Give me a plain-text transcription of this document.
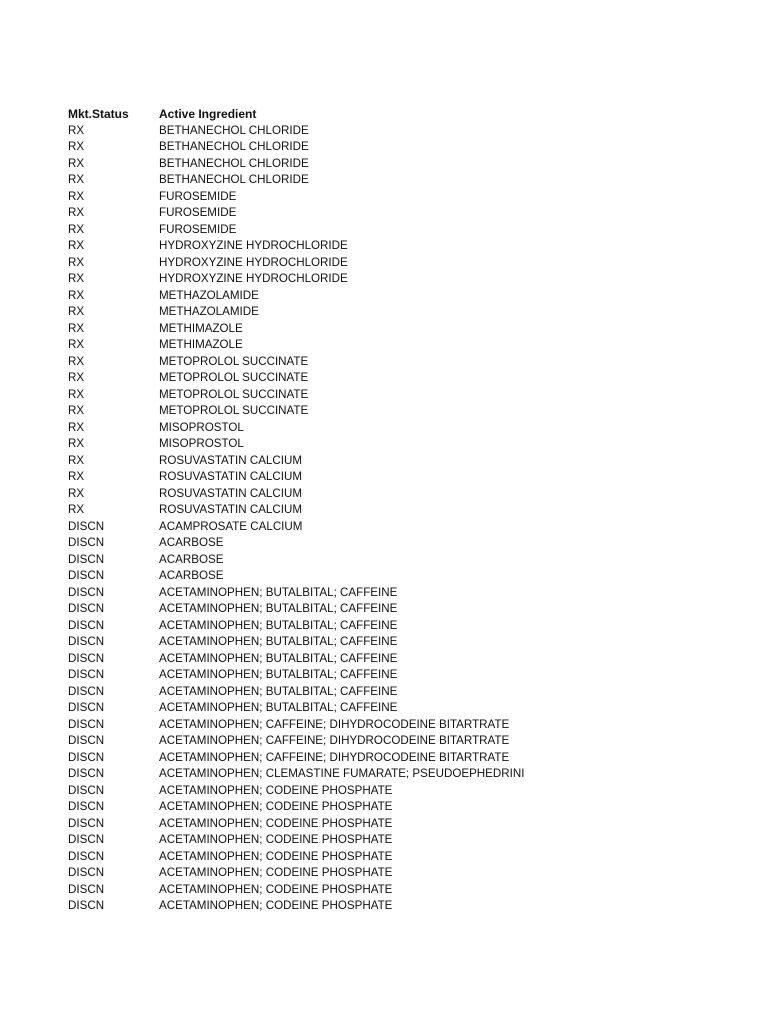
Mkt.Status	Active Ingredient
RX	BETHANECHOL CHLORIDE
RX	BETHANECHOL CHLORIDE
RX	BETHANECHOL CHLORIDE
RX	BETHANECHOL CHLORIDE
RX	FUROSEMIDE
RX	FUROSEMIDE
RX	FUROSEMIDE
RX	HYDROXYZINE HYDROCHLORIDE
RX	HYDROXYZINE HYDROCHLORIDE
RX	HYDROXYZINE HYDROCHLORIDE
RX	METHAZOLAMIDE
RX	METHAZOLAMIDE
RX	METHIMAZOLE
RX	METHIMAZOLE
RX	METOPROLOL SUCCINATE
RX	METOPROLOL SUCCINATE
RX	METOPROLOL SUCCINATE
RX	METOPROLOL SUCCINATE
RX	MISOPROSTOL
RX	MISOPROSTOL
RX	ROSUVASTATIN CALCIUM
RX	ROSUVASTATIN CALCIUM
RX	ROSUVASTATIN CALCIUM
RX	ROSUVASTATIN CALCIUM
DISCN	ACAMPROSATE CALCIUM
DISCN	ACARBOSE
DISCN	ACARBOSE
DISCN	ACARBOSE
DISCN	ACETAMINOPHEN; BUTALBITAL; CAFFEINE
DISCN	ACETAMINOPHEN; BUTALBITAL; CAFFEINE
DISCN	ACETAMINOPHEN; BUTALBITAL; CAFFEINE
DISCN	ACETAMINOPHEN; BUTALBITAL; CAFFEINE
DISCN	ACETAMINOPHEN; BUTALBITAL; CAFFEINE
DISCN	ACETAMINOPHEN; BUTALBITAL; CAFFEINE
DISCN	ACETAMINOPHEN; BUTALBITAL; CAFFEINE
DISCN	ACETAMINOPHEN; BUTALBITAL; CAFFEINE
DISCN	ACETAMINOPHEN; CAFFEINE; DIHYDROCODEINE BITARTRATE
DISCN	ACETAMINOPHEN; CAFFEINE; DIHYDROCODEINE BITARTRATE
DISCN	ACETAMINOPHEN; CAFFEINE; DIHYDROCODEINE BITARTRATE
DISCN	ACETAMINOPHEN; CLEMASTINE FUMARATE; PSEUDOEPHEDRINI
DISCN	ACETAMINOPHEN; CODEINE PHOSPHATE
DISCN	ACETAMINOPHEN; CODEINE PHOSPHATE
DISCN	ACETAMINOPHEN; CODEINE PHOSPHATE
DISCN	ACETAMINOPHEN; CODEINE PHOSPHATE
DISCN	ACETAMINOPHEN; CODEINE PHOSPHATE
DISCN	ACETAMINOPHEN; CODEINE PHOSPHATE
DISCN	ACETAMINOPHEN; CODEINE PHOSPHATE
DISCN	ACETAMINOPHEN; CODEINE PHOSPHATE
